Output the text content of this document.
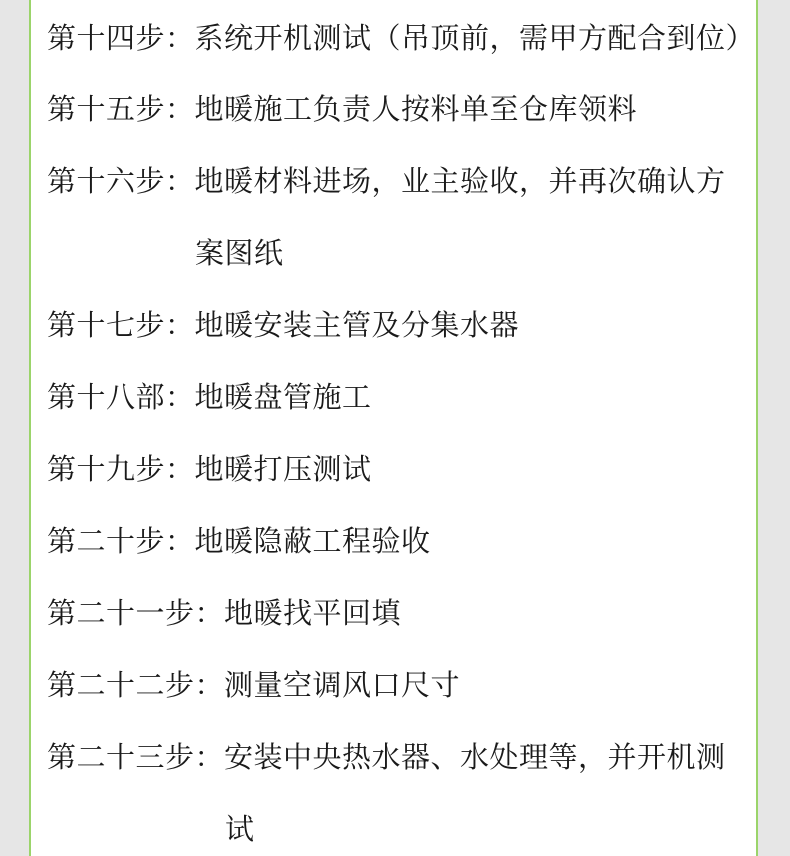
第十四步：系统开机测试（吊顶前，需甲方配合到位）
第十五步：地暖施工负责人按料单至仓库领料
第十六步：地暖材料进场，业主验收，并再次确认方
案图纸
第十七步：地暖安装主管及分集水器
第十八部：地暖盘管施工
第十九步：地暖打压测试
第二十步：地暖隐蔽工程验收
第二十一步：地暖找平回填
第二十二步：测量空调风口尺寸
第二十三步：安装中央热水器、水处理等，并开机测
试
